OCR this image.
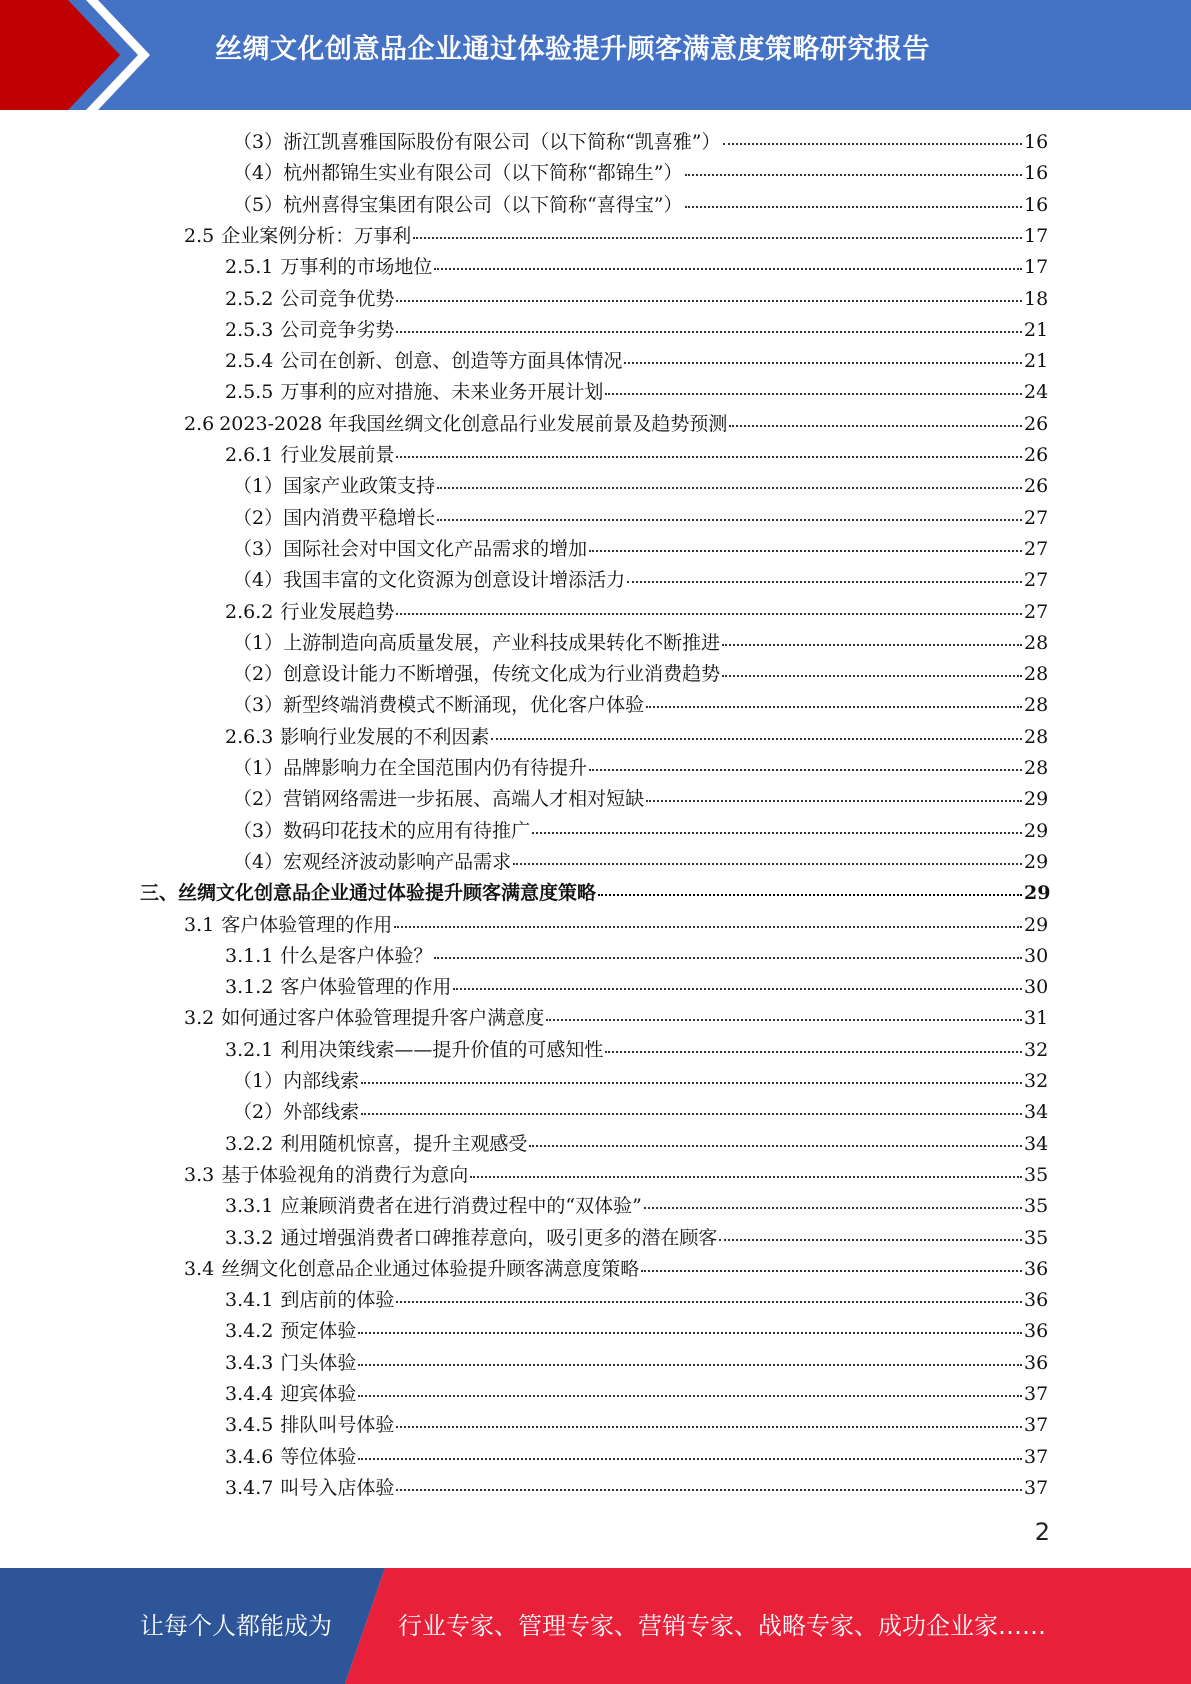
丝绸文化创意品企业通过体验提升顾客满意度策略研究报告
（3）浙江凯喜雅国际股份有限公司（以下简称“凯喜雅”）	16
（4）杭州都锦生实业有限公司（以下简称“都锦生”）	16
（5）杭州喜得宝集团有限公司（以下简称“喜得宝”）	16
2.5 企业案例分析：万事利	17
2.5.1 万事利的市场地位	17
2.5.2 公司竞争优势	18
2.5.3 公司竞争劣势	21
2.5.4 公司在创新、创意、创造等方面具体情况	21
2.5.5 万事利的应对措施、未来业务开展计划	24
2.6 2023-2028 年我国丝绸文化创意品行业发展前景及趋势预测	26
2.6.1 行业发展前景	26
（1）国家产业政策支持	26
（2）国内消费平稳增长	27
（3）国际社会对中国文化产品需求的增加	27
（4）我国丰富的文化资源为创意设计增添活力	27
2.6.2 行业发展趋势	27
（1）上游制造向高质量发展，产业科技成果转化不断推进	28
（2）创意设计能力不断增强，传统文化成为行业消费趋势	28
（3）新型终端消费模式不断涌现，优化客户体验	28
2.6.3 影响行业发展的不利因素	28
（1）品牌影响力在全国范围内仍有待提升	28
（2）营销网络需进一步拓展、高端人才相对短缺	29
（3）数码印花技术的应用有待推广	29
（4）宏观经济波动影响产品需求	29
三、丝绸文化创意品企业通过体验提升顾客满意度策略	29
3.1 客户体验管理的作用	29
3.1.1 什么是客户体验？	30
3.1.2 客户体验管理的作用	30
3.2 如何通过客户体验管理提升客户满意度	31
3.2.1 利用决策线索——提升价值的可感知性	32
（1）内部线索	32
（2）外部线索	34
3.2.2 利用随机惊喜，提升主观感受	34
3.3 基于体验视角的消费行为意向	35
3.3.1 应兼顾消费者在进行消费过程中的“双体验”	35
3.3.2 通过增强消费者口碑推荐意向，吸引更多的潜在顾客	35
3.4 丝绸文化创意品企业通过体验提升顾客满意度策略	36
3.4.1 到店前的体验	36
3.4.2 预定体验	36
3.4.3 门头体验	36
3.4.4 迎宾体验	37
3.4.5 排队叫号体验	37
3.4.6 等位体验	37
3.4.7 叫号入店体验	37
2
让每个人都能成为	行业专家、管理专家、营销专家、战略专家、成功企业家……
